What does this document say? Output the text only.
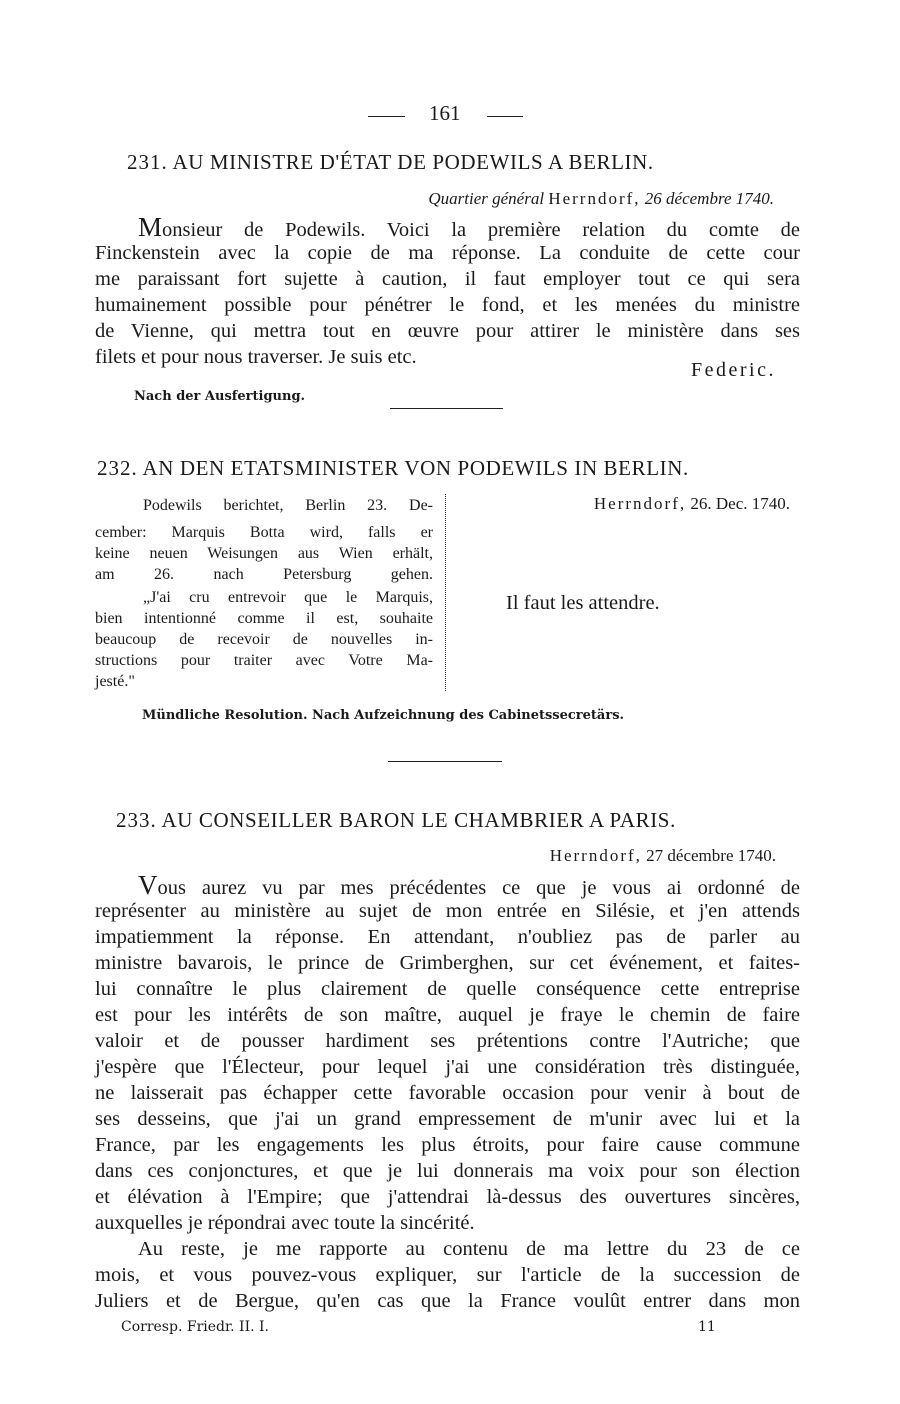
161
231. AU MINISTRE D'ÉTAT DE PODEWILS A BERLIN.
Quartier général Herrndorf, 26 décembre 1740.
Monsieur de Podewils. Voici la première relation du comte de
Finckenstein avec la copie de ma réponse. La conduite de cette cour
me paraissant fort sujette à caution, il faut employer tout ce qui sera
humainement possible pour pénétrer le fond, et les menées du ministre
de Vienne, qui mettra tout en œuvre pour attirer le ministère dans ses
filets et pour nous traverser. Je suis etc.
Federic.
Nach der Ausfertigung.
232. AN DEN ETATSMINISTER VON PODEWILS IN BERLIN.
Herrndorf, 26. Dec. 1740.
Podewils berichtet, Berlin 23. De-
cember: Marquis Botta wird, falls er
keine neuen Weisungen aus Wien erhält,
am 26. nach Petersburg gehen.
„J'ai cru entrevoir que le Marquis,
bien intentionné comme il est, souhaite
beaucoup de recevoir de nouvelles in-
structions pour traiter avec Votre Ma-
jesté."
Il faut les attendre.
Mündliche Resolution. Nach Aufzeichnung des Cabinetssecretärs.
233. AU CONSEILLER BARON LE CHAMBRIER A PARIS.
Herrndorf, 27 décembre 1740.
Vous aurez vu par mes précédentes ce que je vous ai ordonné de
représenter au ministère au sujet de mon entrée en Silésie, et j'en attends
impatiemment la réponse. En attendant, n'oubliez pas de parler au
ministre bavarois, le prince de Grimberghen, sur cet événement, et faites-
lui connaître le plus clairement de quelle conséquence cette entreprise
est pour les intérêts de son maître, auquel je fraye le chemin de faire
valoir et de pousser hardiment ses prétentions contre l'Autriche; que
j'espère que l'Électeur, pour lequel j'ai une considération très distinguée,
ne laisserait pas échapper cette favorable occasion pour venir à bout de
ses desseins, que j'ai un grand empressement de m'unir avec lui et la
France, par les engagements les plus étroits, pour faire cause commune
dans ces conjonctures, et que je lui donnerais ma voix pour son élection
et élévation à l'Empire; que j'attendrai là-dessus des ouvertures sincères,
auxquelles je répondrai avec toute la sincérité.
Au reste, je me rapporte au contenu de ma lettre du 23 de ce
mois, et vous pouvez-vous expliquer, sur l'article de la succession de
Juliers et de Bergue, qu'en cas que la France voulût entrer dans mon
Corresp. Friedr. II. I.	11
